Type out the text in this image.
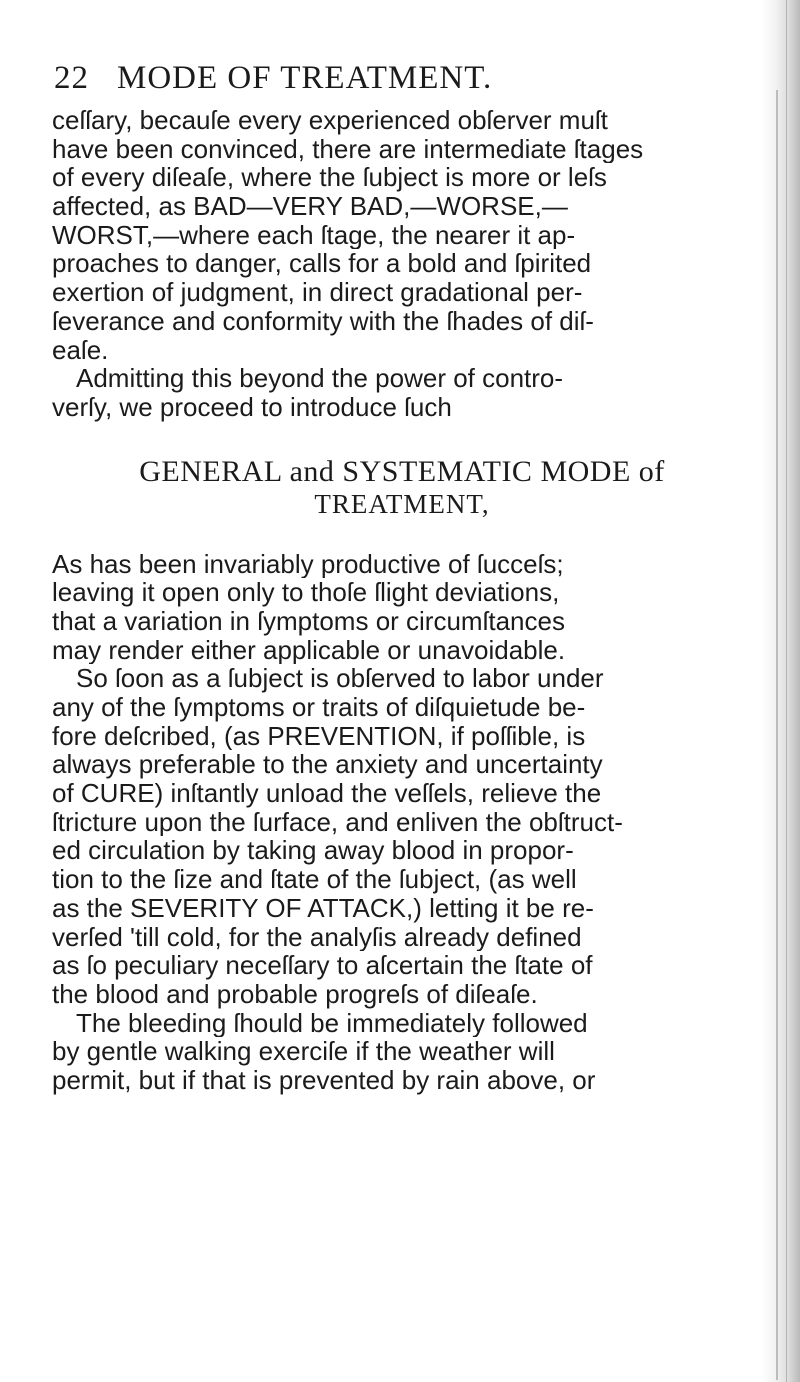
22 MODE OF TREATMENT.

ceſſary, becauſe every experienced obſerver muſt
have been convinced, there are intermediate ſtages
of every diſeaſe, where the ſubject is more or leſs
affected, as BAD—VERY BAD,—WORSE,—
WORST,—where each ſtage, the nearer it ap-
proaches to danger, calls for a bold and ſpirited
exertion of judgment, in direct gradational per-
ſeverance and conformity with the ſhades of diſ-
eaſe.

Admitting this beyond the power of contro-
verſy, we proceed to introduce ſuch

GENERAL and SYSTEMATIC MODE of
TREATMENT,

As has been invariably productive of ſucceſs;
leaving it open only to thoſe ſlight deviations,
that a variation in ſymptoms or circumſtances
may render either applicable or unavoidable.

So ſoon as a ſubject is obſerved to labor under
any of the ſymptoms or traits of diſquietude be-
fore deſcribed, (as PREVENTION, if poſſible, is
always preferable to the anxiety and uncertainty
of CURE) inſtantly unload the veſſels, relieve the
ſtricture upon the ſurface, and enliven the obſtruct-
ed circulation by taking away blood in propor-
tion to the ſize and ſtate of the ſubject, (as well
as the SEVERITY OF ATTACK,) letting it be re-
verſed 'till cold, for the analyſis already defined
as ſo peculiary neceſſary to aſcertain the ſtate of
the blood and probable progreſs of diſeaſe.

The bleeding ſhould be immediately followed
by gentle walking exerciſe if the weather will
permit, but if that is prevented by rain above, or
